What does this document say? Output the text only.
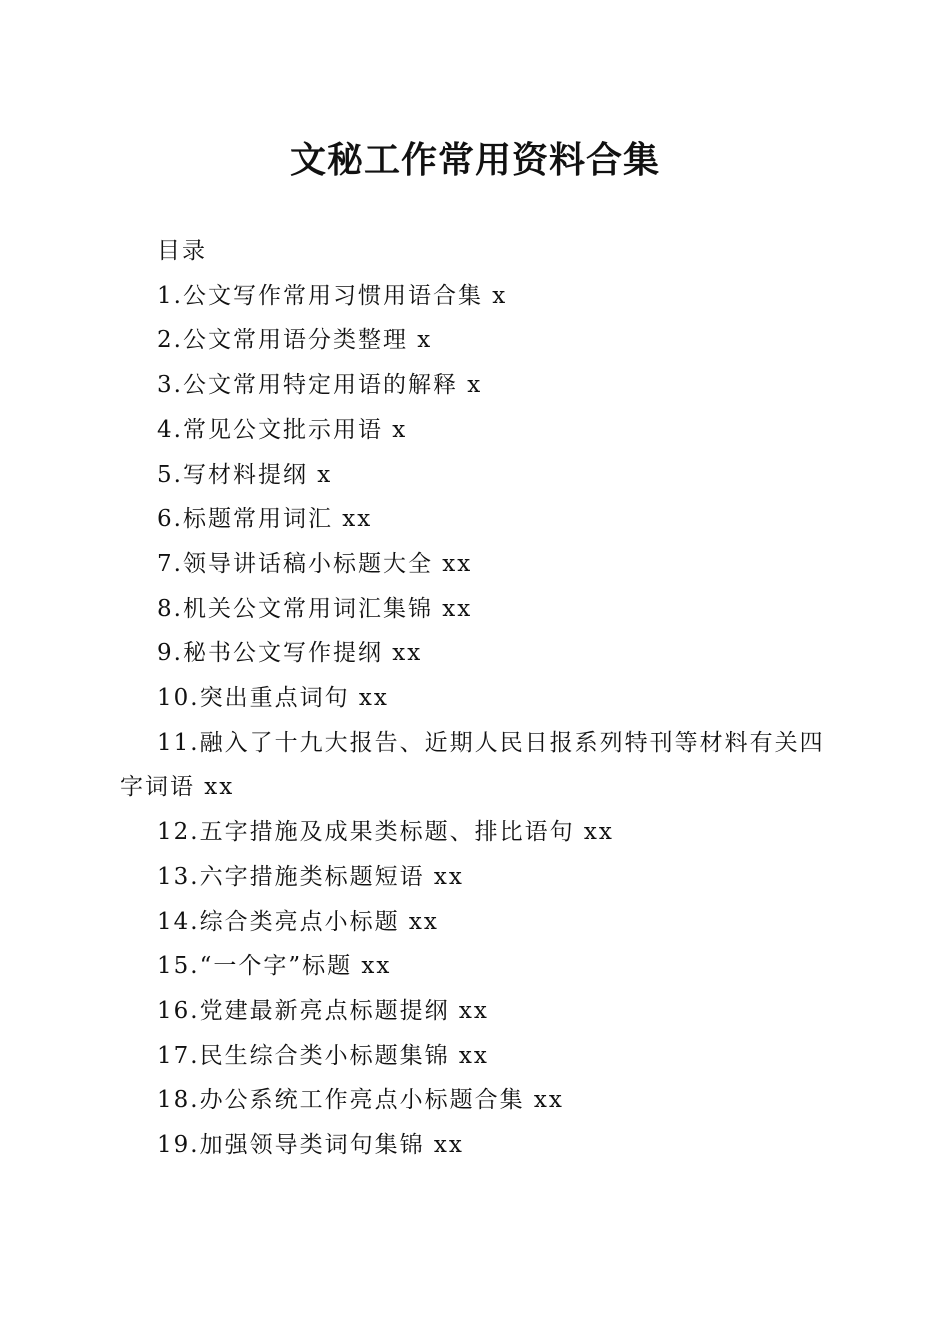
文秘工作常用资料合集
目录
1.公文写作常用习惯用语合集 x
2.公文常用语分类整理 x
3.公文常用特定用语的解释 x
4.常见公文批示用语 x
5.写材料提纲 x
6.标题常用词汇 xx
7.领导讲话稿小标题大全 xx
8.机关公文常用词汇集锦 xx
9.秘书公文写作提纲 xx
10.突出重点词句 xx
11.融入了十九大报告、近期人民日报系列特刊等材料有关四字词语 xx
12.五字措施及成果类标题、排比语句 xx
13.六字措施类标题短语 xx
14.综合类亮点小标题 xx
15.“一个字”标题 xx
16.党建最新亮点标题提纲 xx
17.民生综合类小标题集锦 xx
18.办公系统工作亮点小标题合集 xx
19.加强领导类词句集锦 xx
